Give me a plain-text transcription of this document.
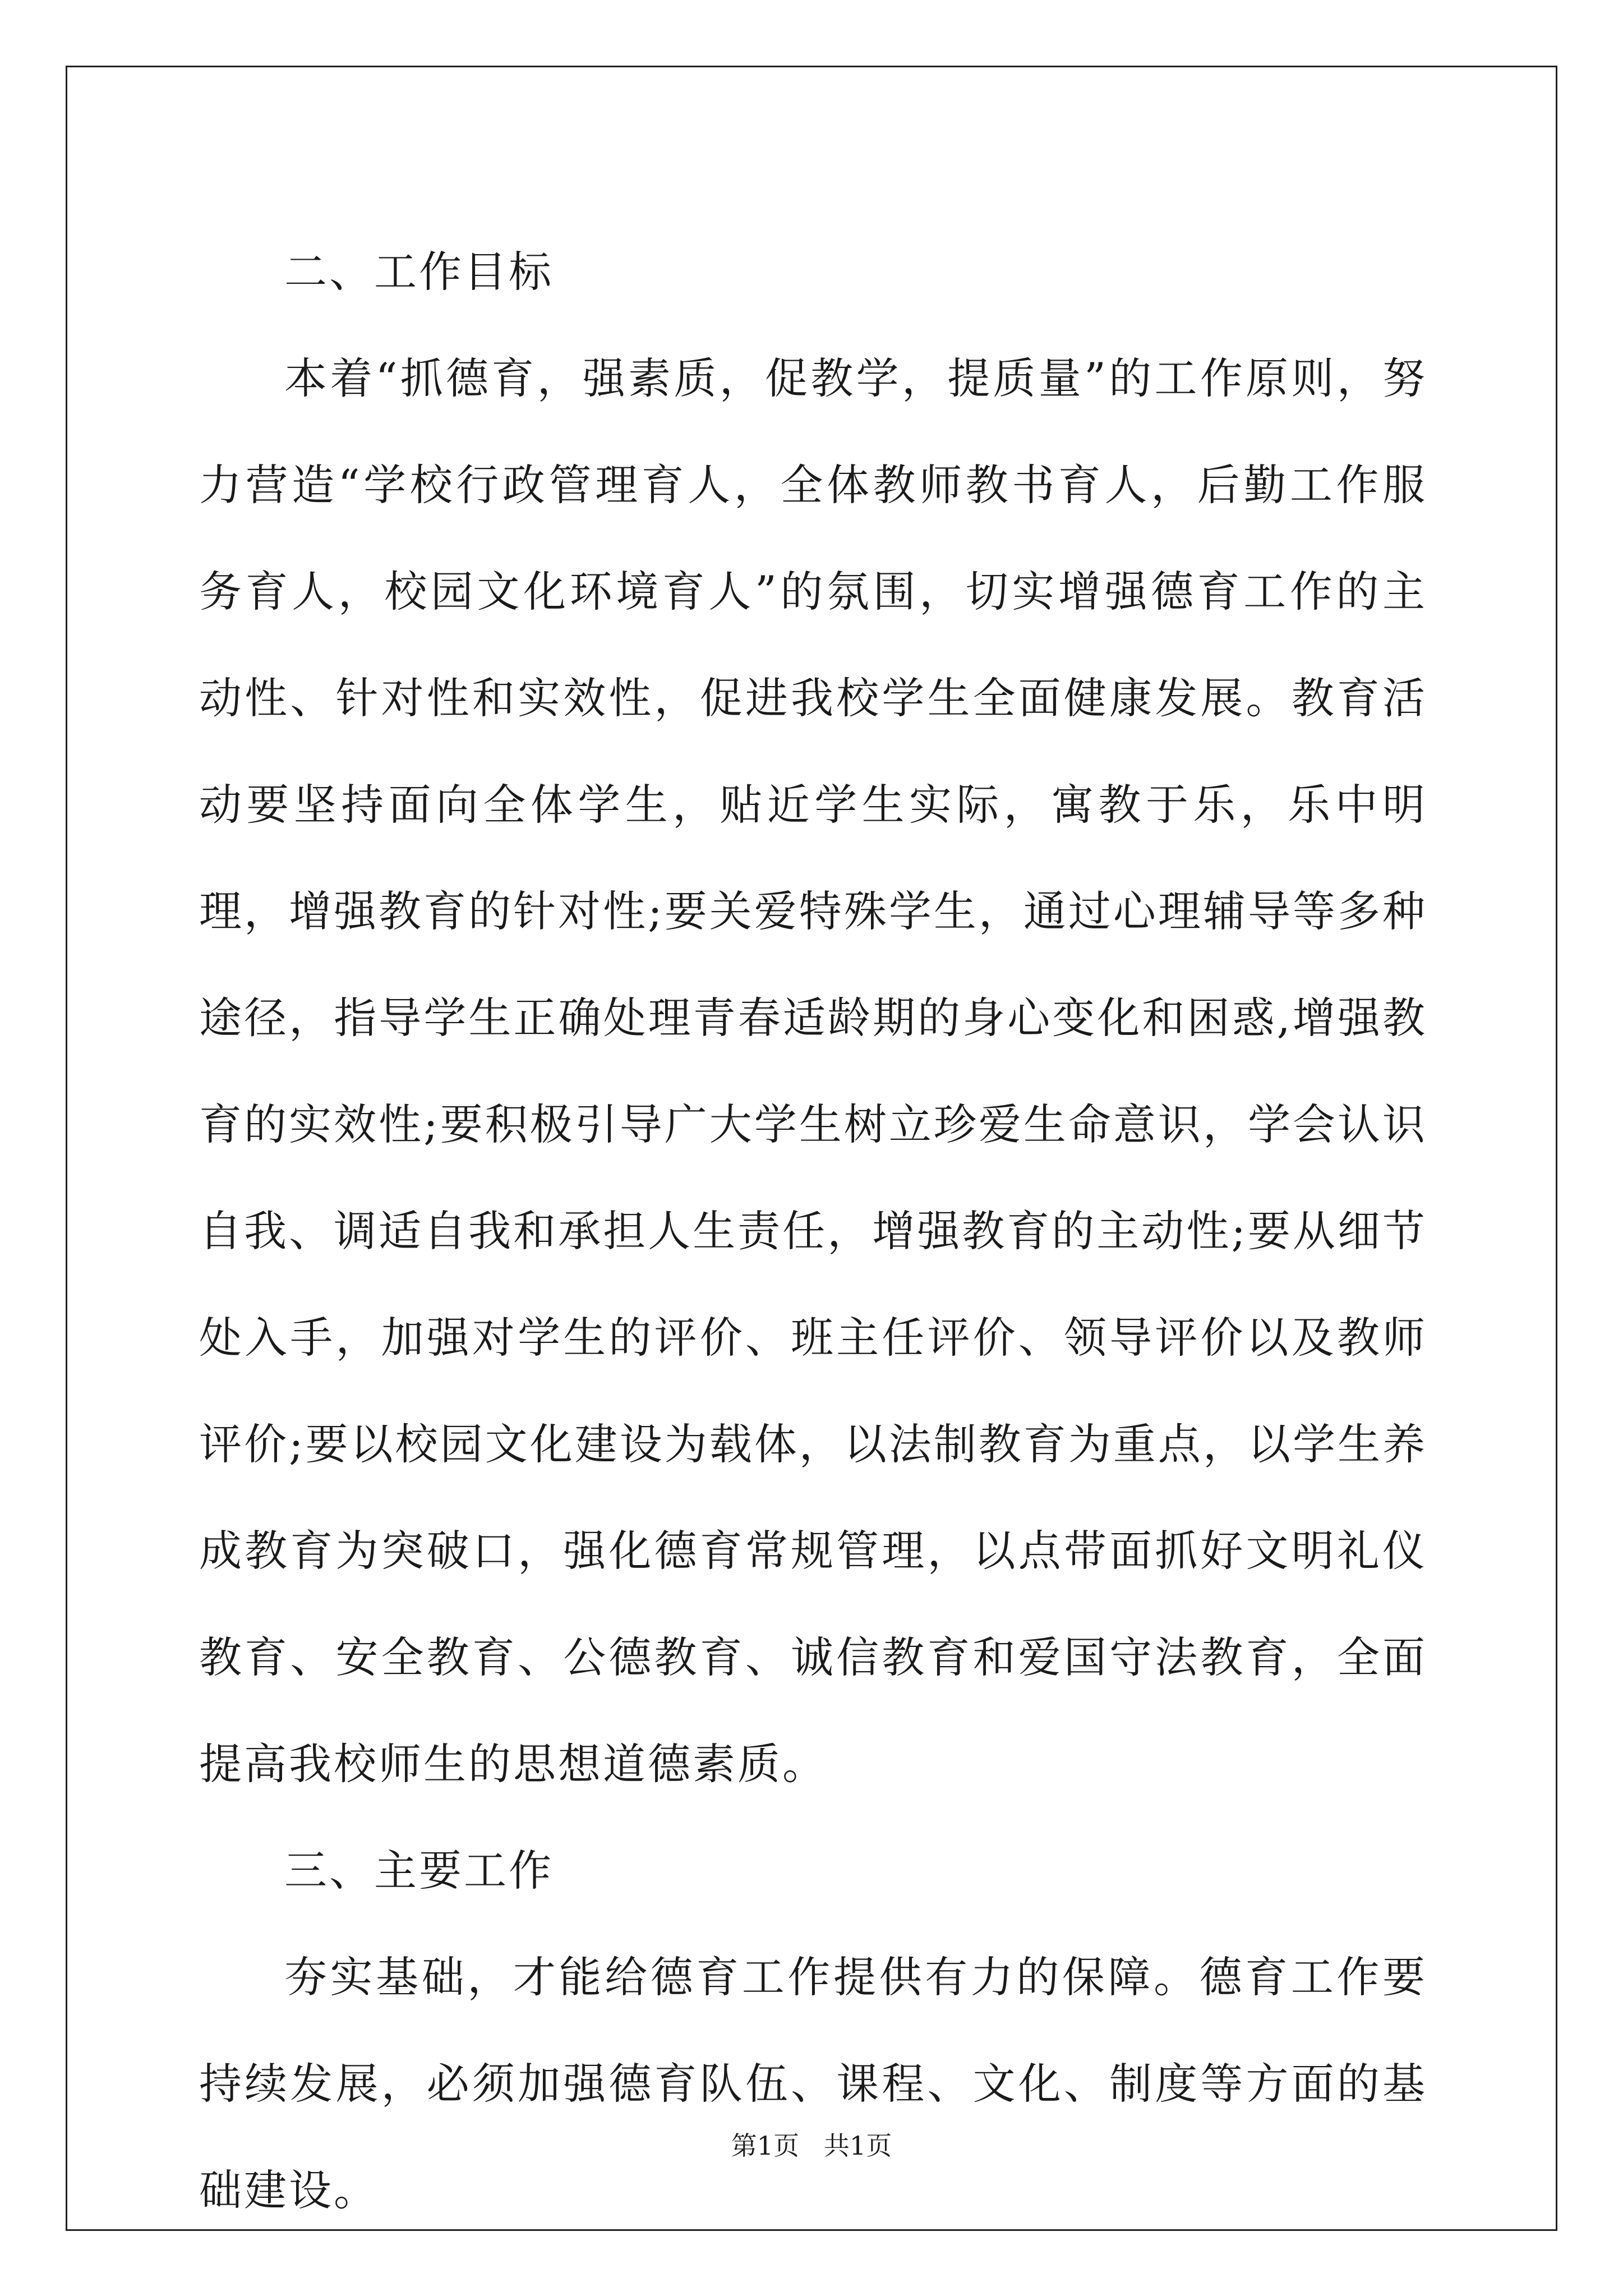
二、工作目标

本着“抓德育，强素质，促教学，提质量”的工作原则，努力营造“学校行政管理育人，全体教师教书育人，后勤工作服务育人，校园文化环境育人”的氛围，切实增强德育工作的主动性、针对性和实效性，促进我校学生全面健康发展。教育活动要坚持面向全体学生，贴近学生实际，寓教于乐，乐中明理，增强教育的针对性;要关爱特殊学生，通过心理辅导等多种途径，指导学生正确处理青春适龄期的身心变化和困惑,增强教育的实效性;要积极引导广大学生树立珍爱生命意识，学会认识自我、调适自我和承担人生责任，增强教育的主动性;要从细节处入手，加强对学生的评价、班主任评价、领导评价以及教师评价;要以校园文化建设为载体，以法制教育为重点，以学生养成教育为突破口，强化德育常规管理，以点带面抓好文明礼仪教育、安全教育、公德教育、诚信教育和爱国守法教育，全面提高我校师生的思想道德素质。

三、主要工作

夯实基础，才能给德育工作提供有力的保障。德育工作要持续发展，必须加强德育队伍、课程、文化、制度等方面的基础建设。

第1页   共1页
